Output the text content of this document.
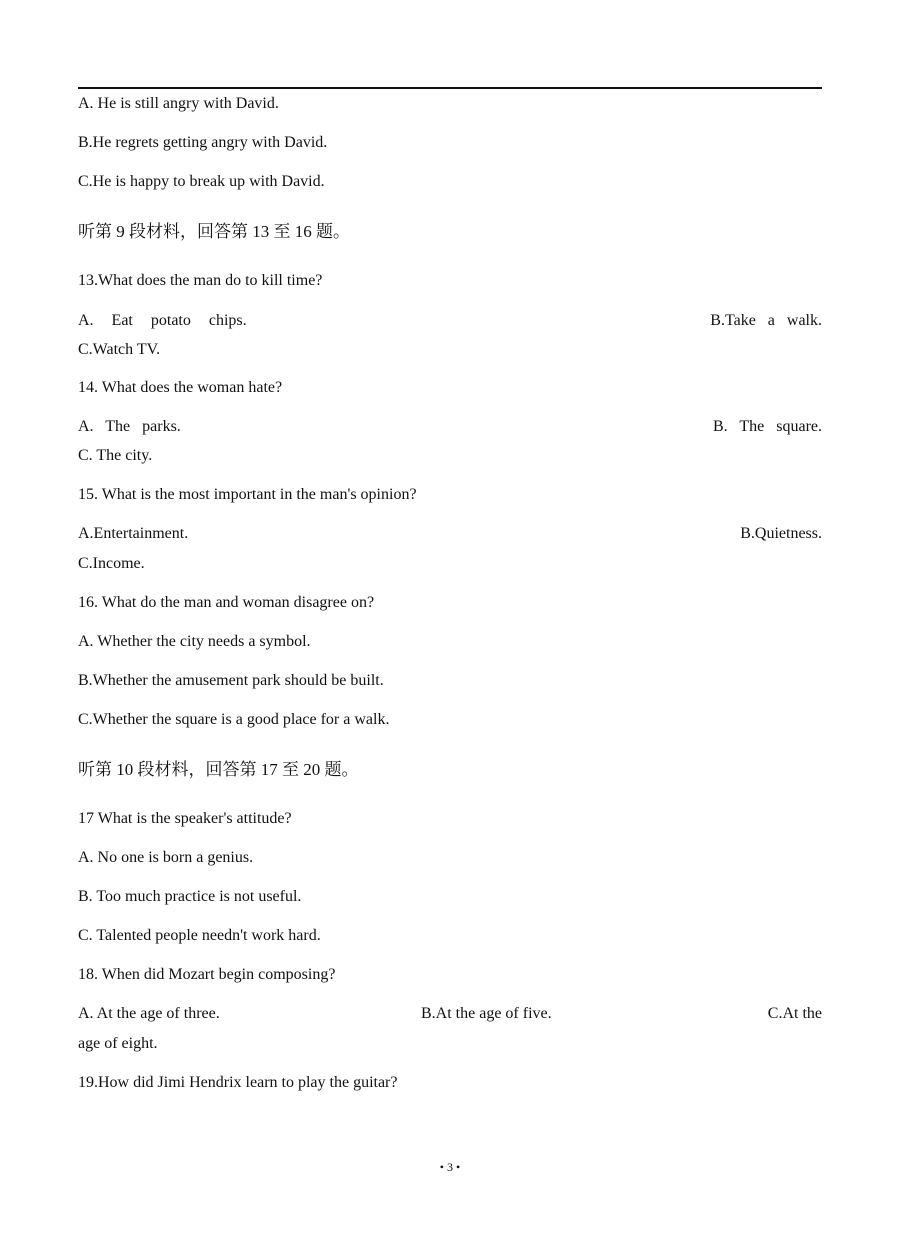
A. He is still angry with David.
B.He regrets getting angry with David.
C.He is happy to break up with David.
听第 9 段材料，回答第 13 至 16 题。
13.What does the man do to kill time?
A. Eat potato chips.	B.Take a walk.
C.Watch TV.
14. What does the woman hate?
A. The parks.	B. The square.
C. The city.
15. What is the most important in the man's opinion?
A.Entertainment.	B.Quietness.
C.Income.
16. What do the man and woman disagree on?
A. Whether the city needs a symbol.
B.Whether the amusement park should be built.
C.Whether the square is a good place for a walk.
听第 10 段材料，回答第 17 至 20 题。
17 What is the speaker's attitude?
A. No one is born a genius.
B. Too much practice is not useful.
C. Talented people needn't work hard.
18. When did Mozart begin composing?
A. At the age of three.	B.At the age of five.	C.At the
age of eight.
19.How did Jimi Hendrix learn to play the guitar?
• 3 •
